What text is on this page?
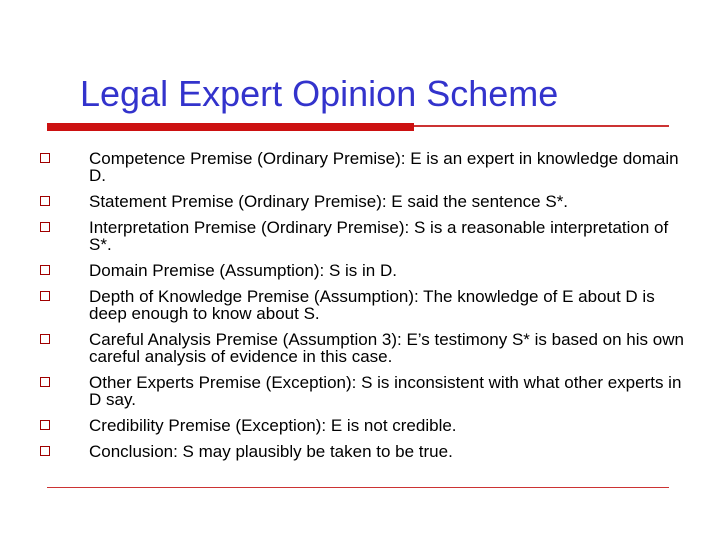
Legal Expert Opinion Scheme
Competence Premise (Ordinary Premise): E is an expert in knowledge domain D.
Statement Premise (Ordinary Premise): E said the sentence S*.
Interpretation Premise (Ordinary Premise): S is a reasonable interpretation of S*.
Domain Premise (Assumption): S is in D.
Depth of Knowledge Premise (Assumption): The knowledge of E about D is deep enough to know about S.
Careful Analysis Premise (Assumption 3): E’s testimony S* is based on his own careful analysis of evidence in this case.
Other Experts Premise (Exception): S is inconsistent with what other experts in D say.
Credibility Premise (Exception): E is not credible.
Conclusion: S may plausibly be taken to be true.
